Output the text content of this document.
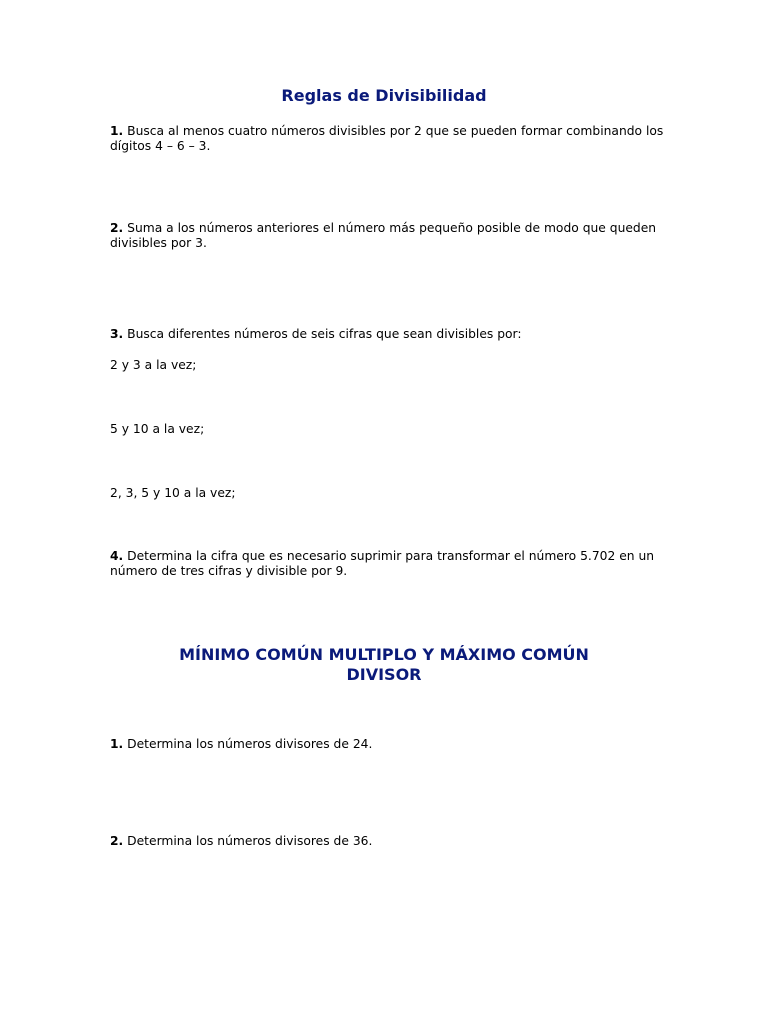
Reglas de Divisibilidad

1. Busca al menos cuatro números divisibles por 2 que se pueden formar combinando los dígitos 4 – 6 – 3.

2. Suma a los números anteriores el número más pequeño posible de modo que queden divisibles por 3.

3. Busca diferentes números de seis cifras que sean divisibles por:

2 y 3 a la vez;

5 y 10 a la vez;

2, 3, 5 y 10 a la vez;

4. Determina la cifra que es necesario suprimir para transformar el número 5.702 en un número de tres cifras y divisible por 9.

MÍNIMO COMÚN MULTIPLO Y MÁXIMO COMÚN DIVISOR

1. Determina los números divisores de 24.

2. Determina los números divisores de 36.
